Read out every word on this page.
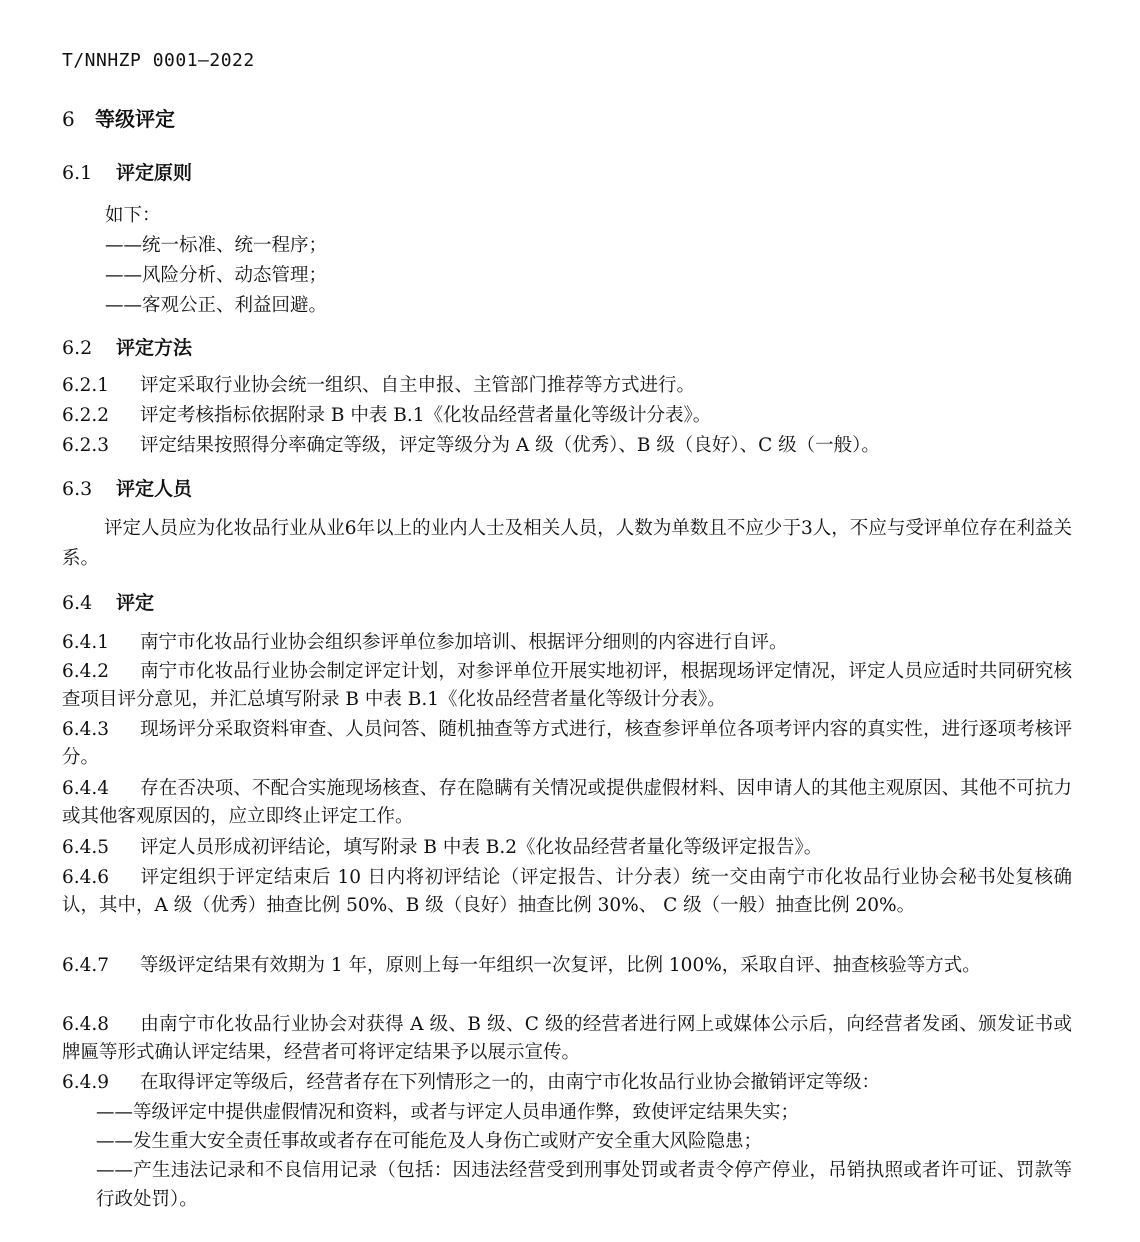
T/NNHZP 0001—2022
6 等级评定
6.1 评定原则
如下：
——统一标准、统一程序；
——风险分析、动态管理；
——客观公正、利益回避。
6.2 评定方法
6.2.1 评定采取行业协会统一组织、自主申报、主管部门推荐等方式进行。
6.2.2 评定考核指标依据附录 B 中表 B.1《化妆品经营者量化等级计分表》。
6.2.3 评定结果按照得分率确定等级，评定等级分为 A 级（优秀）、B 级（良好）、C 级（一般）。
6.3 评定人员
评定人员应为化妆品行业从业6年以上的业内人士及相关人员，人数为单数且不应少于3人，不应与受评单位存在利益关系。
6.4 评定
6.4.1 南宁市化妆品行业协会组织参评单位参加培训、根据评分细则的内容进行自评。
6.4.2 南宁市化妆品行业协会制定评定计划，对参评单位开展实地初评，根据现场评定情况，评定人员应适时共同研究核查项目评分意见，并汇总填写附录 B 中表 B.1《化妆品经营者量化等级计分表》。
6.4.3 现场评分采取资料审查、人员问答、随机抽查等方式进行，核查参评单位各项考评内容的真实性，进行逐项考核评分。
6.4.4 存在否决项、不配合实施现场核查、存在隐瞒有关情况或提供虚假材料、因申请人的其他主观原因、其他不可抗力或其他客观原因的，应立即终止评定工作。
6.4.5 评定人员形成初评结论，填写附录 B 中表 B.2《化妆品经营者量化等级评定报告》。
6.4.6 评定组织于评定结束后 10 日内将初评结论（评定报告、计分表）统一交由南宁市化妆品行业协会秘书处复核确认，其中，A 级（优秀）抽查比例 50%、B 级（良好）抽查比例 30%、 C 级（一般）抽查比例 20%。
6.4.7 等级评定结果有效期为 1 年，原则上每一年组织一次复评，比例 100%，采取自评、抽查核验等方式。
6.4.8 由南宁市化妆品行业协会对获得 A 级、B 级、C 级的经营者进行网上或媒体公示后，向经营者发函、颁发证书或牌匾等形式确认评定结果，经营者可将评定结果予以展示宣传。
6.4.9 在取得评定等级后，经营者存在下列情形之一的，由南宁市化妆品行业协会撤销评定等级：
——等级评定中提供虚假情况和资料，或者与评定人员串通作弊，致使评定结果失实；
——发生重大安全责任事故或者存在可能危及人身伤亡或财产安全重大风险隐患；
——产生违法记录和不良信用记录（包括：因违法经营受到刑事处罚或者责令停产停业，吊销执照或者许可证、罚款等行政处罚）。
